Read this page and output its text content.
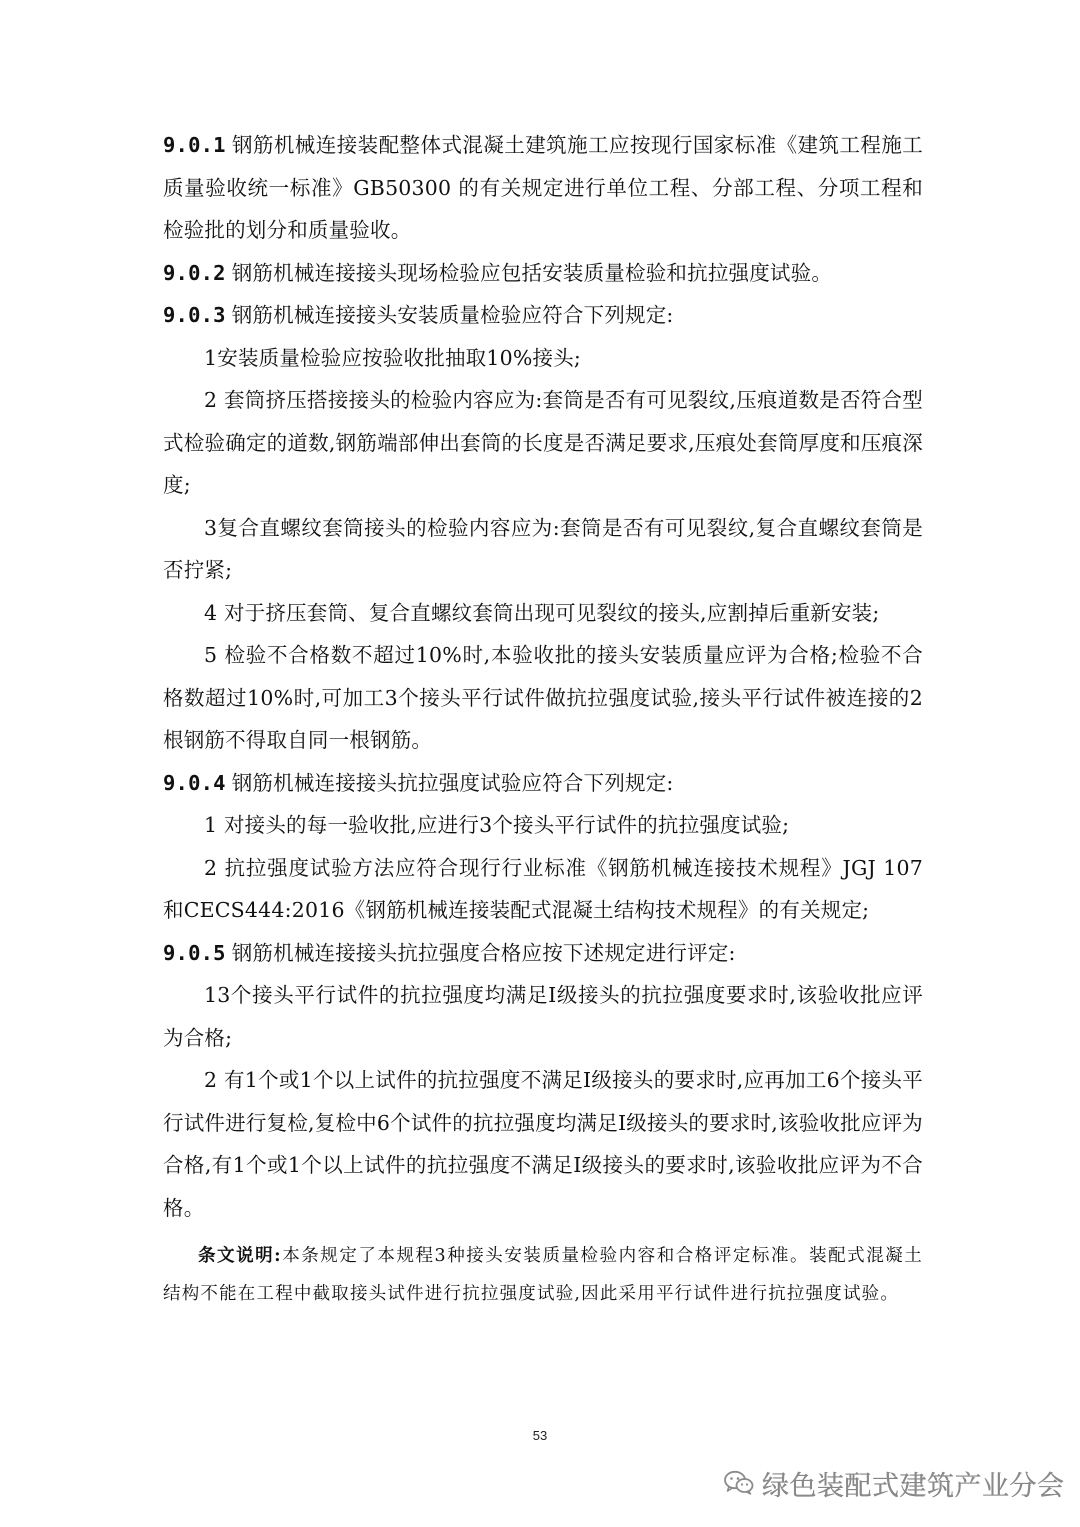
9.0.1 钢筋机械连接装配整体式混凝土建筑施工应按现行国家标准《建筑工程施工质量验收统一标准》GB50300 的有关规定进行单位工程、分部工程、分项工程和检验批的划分和质量验收。

9.0.2 钢筋机械连接接头现场检验应包括安装质量检验和抗拉强度试验。

9.0.3 钢筋机械连接接头安装质量检验应符合下列规定:

1安装质量检验应按验收批抽取10%接头;

2 套筒挤压搭接接头的检验内容应为:套筒是否有可见裂纹,压痕道数是否符合型式检验确定的道数,钢筋端部伸出套筒的长度是否满足要求,压痕处套筒厚度和压痕深度;

3复合直螺纹套筒接头的检验内容应为:套筒是否有可见裂纹,复合直螺纹套筒是否拧紧;

4 对于挤压套筒、复合直螺纹套筒出现可见裂纹的接头,应割掉后重新安装;

5 检验不合格数不超过10%时,本验收批的接头安装质量应评为合格;检验不合格数超过10%时,可加工3个接头平行试件做抗拉强度试验,接头平行试件被连接的2根钢筋不得取自同一根钢筋。

9.0.4 钢筋机械连接接头抗拉强度试验应符合下列规定:

1 对接头的每一验收批,应进行3个接头平行试件的抗拉强度试验;

2 抗拉强度试验方法应符合现行行业标准《钢筋机械连接技术规程》JGJ 107和CECS444:2016《钢筋机械连接装配式混凝土结构技术规程》的有关规定;

9.0.5 钢筋机械连接接头抗拉强度合格应按下述规定进行评定:

13个接头平行试件的抗拉强度均满足Ⅰ级接头的抗拉强度要求时,该验收批应评为合格;

2 有1个或1个以上试件的抗拉强度不满足Ⅰ级接头的要求时,应再加工6个接头平行试件进行复检,复检中6个试件的抗拉强度均满足Ⅰ级接头的要求时,该验收批应评为合格,有1个或1个以上试件的抗拉强度不满足Ⅰ级接头的要求时,该验收批应评为不合格。

条文说明:本条规定了本规程3种接头安装质量检验内容和合格评定标准。装配式混凝土结构不能在工程中截取接头试件进行抗拉强度试验,因此采用平行试件进行抗拉强度试验。

53
绿色装配式建筑产业分会
